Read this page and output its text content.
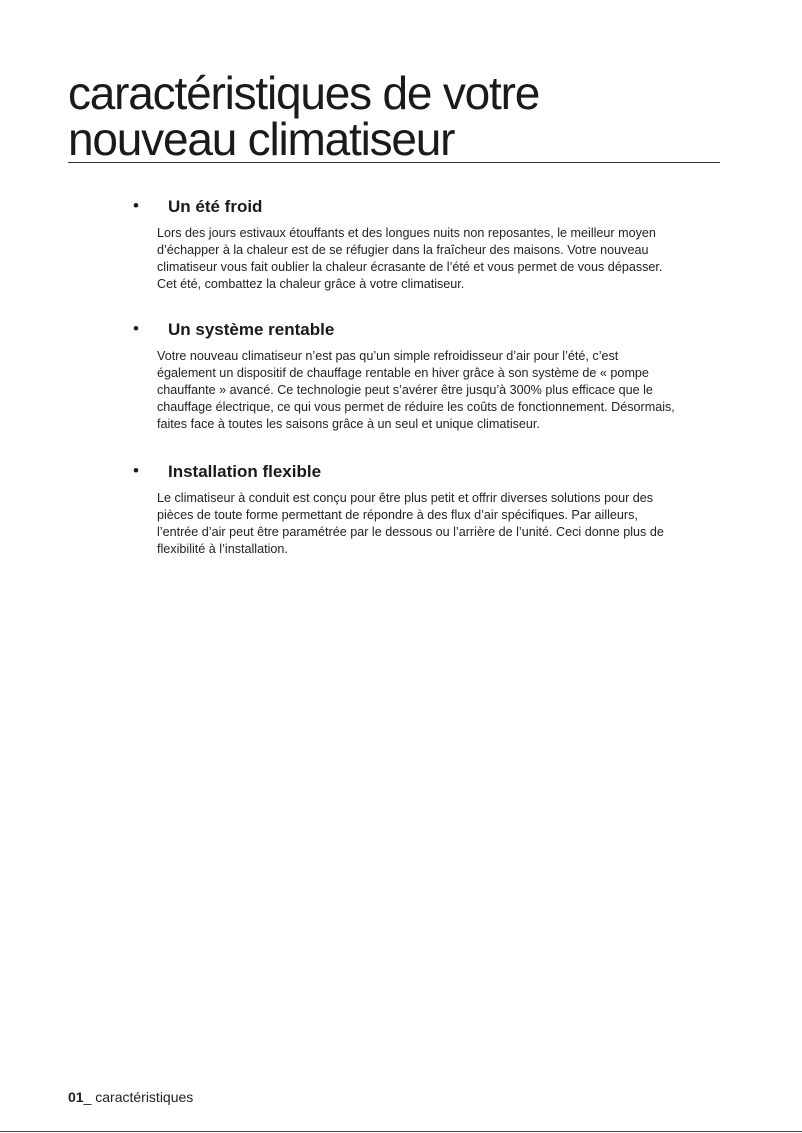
caractéristiques de votre
nouveau climatiseur
• Un été froid

Lors des jours estivaux étouffants et des longues nuits non reposantes, le meilleur moyen
d’échapper à la chaleur est de se réfugier dans la fraîcheur des maisons. Votre nouveau
climatiseur vous fait oublier la chaleur écrasante de l’été et vous permet de vous dépasser.
Cet été, combattez la chaleur grâce à votre climatiseur.

• Un système rentable

Votre nouveau climatiseur n’est pas qu’un simple refroidisseur d’air pour l’été, c’est
également un dispositif de chauffage rentable en hiver grâce à son système de « pompe
chauffante » avancé. Ce technologie peut s’avérer être jusqu’à 300% plus efficace que le
chauffage électrique, ce qui vous permet de réduire les coûts de fonctionnement. Désormais,
faites face à toutes les saisons grâce à un seul et unique climatiseur.

• Installation flexible

Le climatiseur à conduit est conçu pour être plus petit et offrir diverses solutions pour des
pièces de toute forme permettant de répondre à des flux d’air spécifiques. Par ailleurs,
l’entrée d’air peut être paramétrée par le dessous ou l’arrière de l’unité. Ceci donne plus de
flexibilité à l’installation.

01_ caractéristiques
